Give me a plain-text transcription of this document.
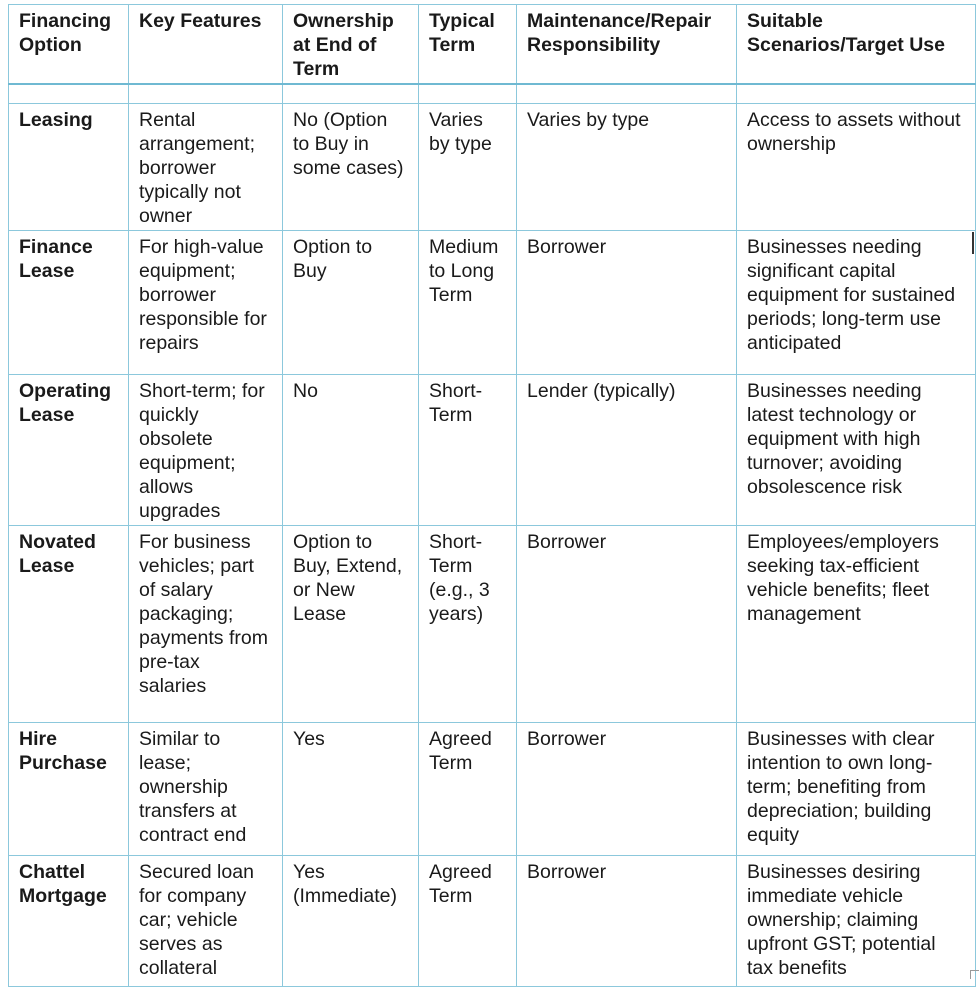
Financing Option	Key Features	Ownership at End of Term	Typical Term	Maintenance/Repair Responsibility	Suitable Scenarios/Target Use

Leasing	Rental arrangement; borrower typically not owner	No (Option to Buy in some cases)	Varies by type	Varies by type	Access to assets without ownership
Finance Lease	For high-value equipment; borrower responsible for repairs	Option to Buy	Medium to Long Term	Borrower	Businesses needing significant capital equipment for sustained periods; long-term use anticipated
Operating Lease	Short-term; for quickly obsolete equipment; allows upgrades	No	Short-Term	Lender (typically)	Businesses needing latest technology or equipment with high turnover; avoiding obsolescence risk
Novated Lease	For business vehicles; part of salary packaging; payments from pre-tax salaries	Option to Buy, Extend, or New Lease	Short-Term (e.g., 3 years)	Borrower	Employees/employers seeking tax-efficient vehicle benefits; fleet management
Hire Purchase	Similar to lease; ownership transfers at contract end	Yes	Agreed Term	Borrower	Businesses with clear intention to own long-term; benefiting from depreciation; building equity
Chattel Mortgage	Secured loan for company car; vehicle serves as collateral	Yes (Immediate)	Agreed Term	Borrower	Businesses desiring immediate vehicle ownership; claiming upfront GST; potential tax benefits
